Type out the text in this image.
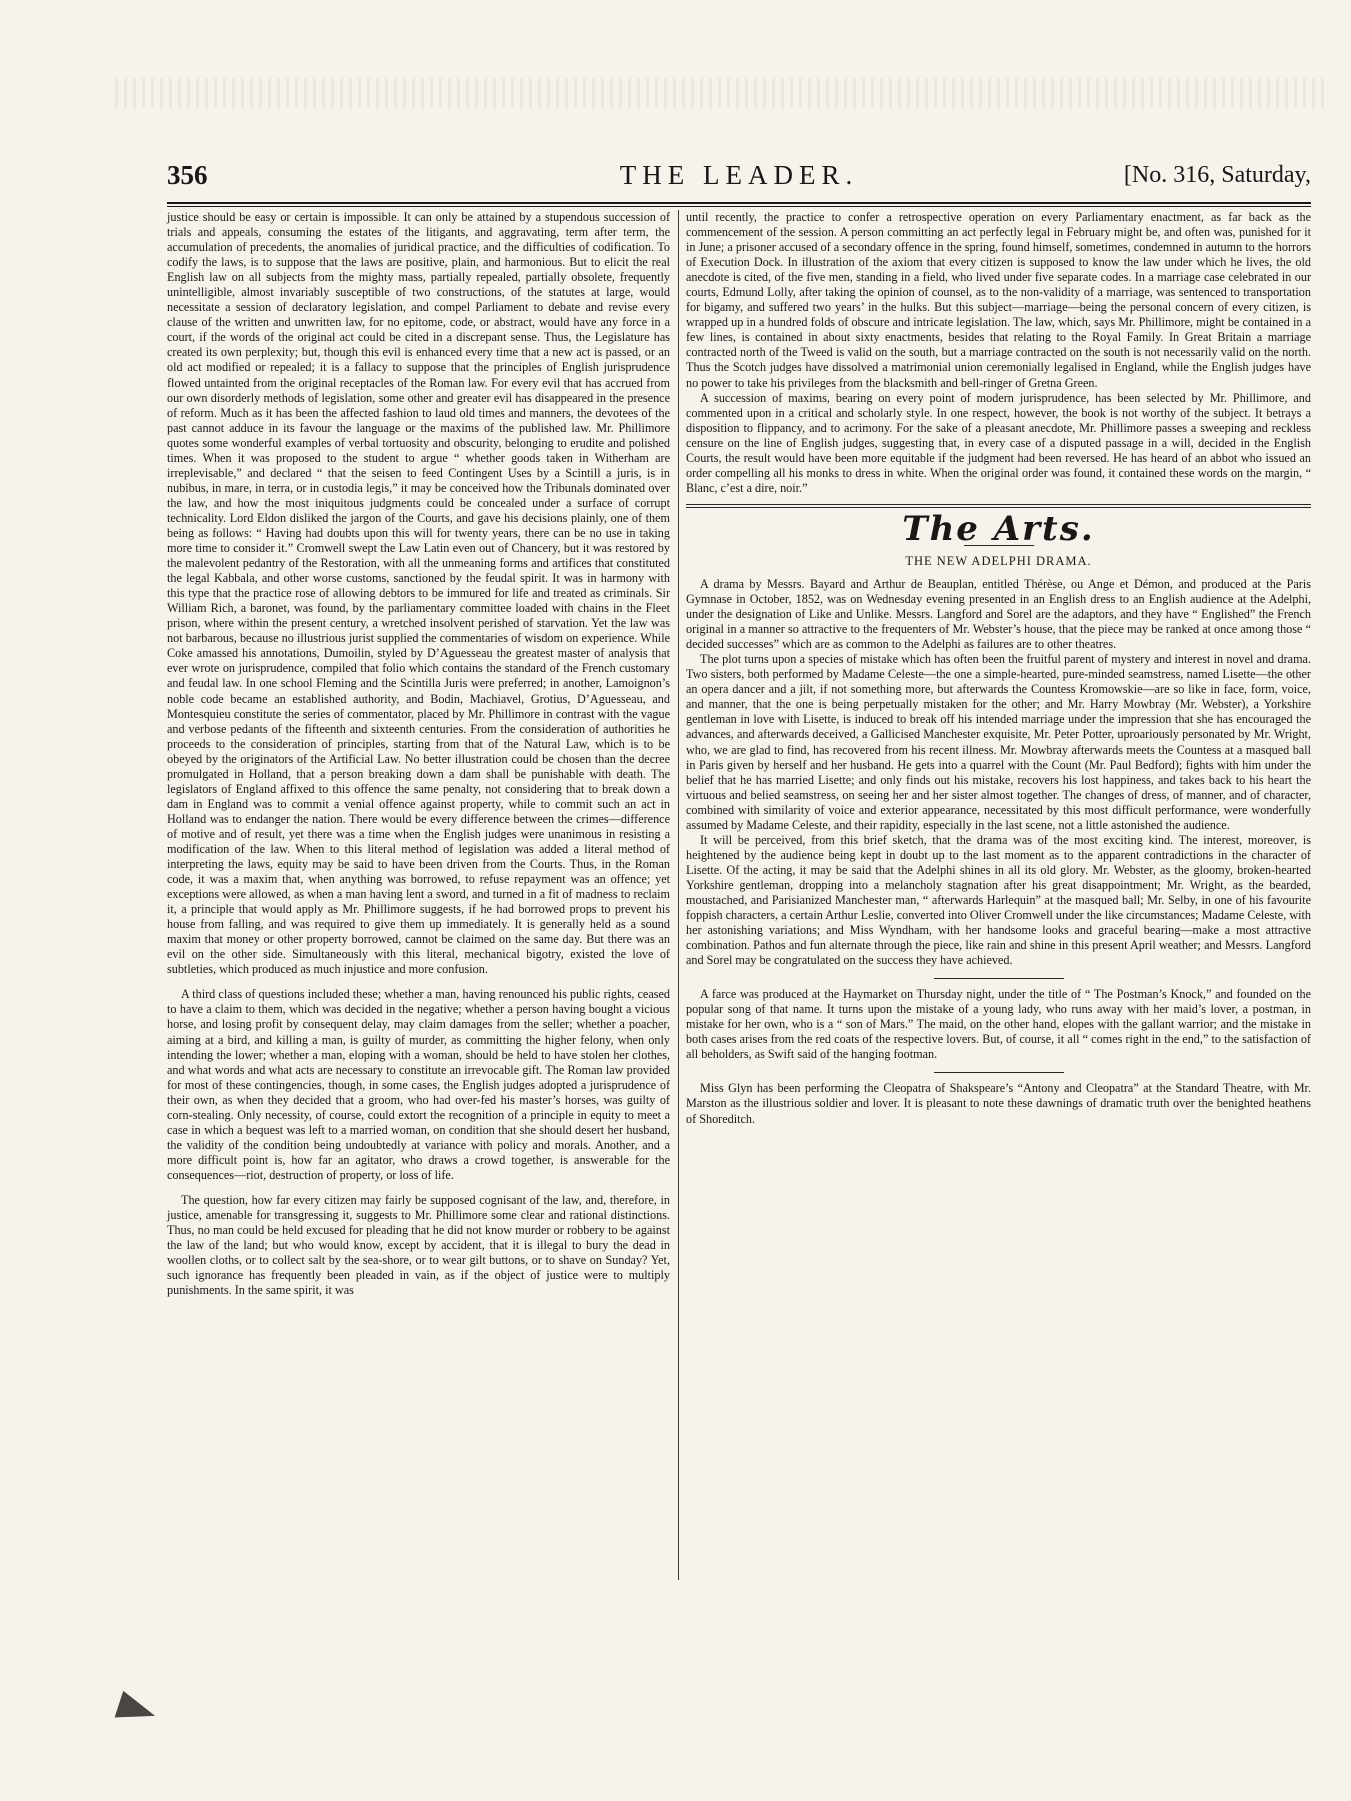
356	THE LEADER.	[No. 316, Saturday,

justice should be easy or certain is impossible. It can only be attained by a stupendous succession of trials and appeals, consuming the estates of the litigants, and aggravating, term after term, the accumulation of precedents, the anomalies of juridical practice, and the difficulties of codification. To codify the laws, is to suppose that the laws are positive, plain, and harmonious. But to elicit the real English law on all subjects from the mighty mass, partially repealed, partially obsolete, frequently unintelligible, almost invariably susceptible of two constructions, of the statutes at large, would necessitate a session of declaratory legislation, and compel Parliament to debate and revise every clause of the written and unwritten law, for no epitome, code, or abstract, would have any force in a court, if the words of the original act could be cited in a discrepant sense. Thus, the Legislature has created its own perplexity; but, though this evil is enhanced every time that a new act is passed, or an old act modified or repealed; it is a fallacy to suppose that the principles of English jurisprudence flowed untainted from the original receptacles of the Roman law. For every evil that has accrued from our own disorderly methods of legislation, some other and greater evil has disappeared in the presence of reform. Much as it has been the affected fashion to laud old times and manners, the devotees of the past cannot adduce in its favour the language or the maxims of the published law. Mr. Phillimore quotes some wonderful examples of verbal tortuosity and obscurity, belonging to erudite and polished times. When it was proposed to the student to argue “ whether goods taken in Witherham are irreplevisable,” and declared “ that the seisen to feed Contingent Uses by a Scintill a juris, is in nubibus, in mare, in terra, or in custodia legis,” it may be conceived how the Tribunals dominated over the law, and how the most iniquitous judgments could be concealed under a surface of corrupt technicality. Lord Eldon disliked the jargon of the Courts, and gave his decisions plainly, one of them being as follows: “ Having had doubts upon this will for twenty years, there can be no use in taking more time to consider it.” Cromwell swept the Law Latin even out of Chancery, but it was restored by the malevolent pedantry of the Restoration, with all the unmeaning forms and artifices that constituted the legal Kabbala, and other worse customs, sanctioned by the feudal spirit. It was in harmony with this type that the practice rose of allowing debtors to be immured for life and treated as criminals. Sir William Rich, a baronet, was found, by the parliamentary committee loaded with chains in the Fleet prison, where within the present century, a wretched insolvent perished of starvation. Yet the law was not barbarous, because no illustrious jurist supplied the commentaries of wisdom on experience. While Coke amassed his annotations, Dumoilin, styled by D’Aguesseau the greatest master of analysis that ever wrote on jurisprudence, compiled that folio which contains the standard of the French customary and feudal law. In one school Fleming and the Scintilla Juris were preferred; in another, Lamoignon’s noble code became an established authority, and Bodin, Machiavel, Grotius, D’Aguesseau, and Montesquieu constitute the series of commentator, placed by Mr. Phillimore in contrast with the vague and verbose pedants of the fifteenth and sixteenth centuries. From the consideration of authorities he proceeds to the consideration of principles, starting from that of the Natural Law, which is to be obeyed by the originators of the Artificial Law. No better illustration could be chosen than the decree promulgated in Holland, that a person breaking down a dam shall be punishable with death. The legislators of England affixed to this offence the same penalty, not considering that to break down a dam in England was to commit a venial offence against property, while to commit such an act in Holland was to endanger the nation. There would be every difference between the crimes—difference of motive and of result, yet there was a time when the English judges were unanimous in resisting a modification of the law. When to this literal method of legislation was added a literal method of interpreting the laws, equity may be said to have been driven from the Courts. Thus, in the Roman code, it was a maxim that, when anything was borrowed, to refuse repayment was an offence; yet exceptions were allowed, as when a man having lent a sword, and turned in a fit of madness to reclaim it, a principle that would apply as Mr. Phillimore suggests, if he had borrowed props to prevent his house from falling, and was required to give them up immediately. It is generally held as a sound maxim that money or other property borrowed, cannot be claimed on the same day. But there was an evil on the other side. Simultaneously with this literal, mechanical bigotry, existed the love of subtleties, which produced as much injustice and more confusion.

A third class of questions included these; whether a man, having renounced his public rights, ceased to have a claim to them, which was decided in the negative; whether a person having bought a vicious horse, and losing profit by consequent delay, may claim damages from the seller; whether a poacher, aiming at a bird, and killing a man, is guilty of murder, as committing the higher felony, when only intending the lower; whether a man, eloping with a woman, should be held to have stolen her clothes, and what words and what acts are necessary to constitute an irrevocable gift. The Roman law provided for most of these contingencies, though, in some cases, the English judges adopted a jurisprudence of their own, as when they decided that a groom, who had over-fed his master’s horses, was guilty of corn-stealing. Only necessity, of course, could extort the recognition of a principle in equity to meet a case in which a bequest was left to a married woman, on condition that she should desert her husband, the validity of the condition being undoubtedly at variance with policy and morals. Another, and a more difficult point is, how far an agitator, who draws a crowd together, is answerable for the consequences—riot, destruction of property, or loss of life.

The question, how far every citizen may fairly be supposed cognisant of the law, and, therefore, in justice, amenable for transgressing it, suggests to Mr. Phillimore some clear and rational distinctions. Thus, no man could be held excused for pleading that he did not know murder or robbery to be against the law of the land; but who would know, except by accident, that it is illegal to bury the dead in woollen cloths, or to collect salt by the sea-shore, or to wear gilt buttons, or to shave on Sunday? Yet, such ignorance has frequently been pleaded in vain, as if the object of justice were to multiply punishments. In the same spirit, it was

until recently, the practice to confer a retrospective operation on every Parliamentary enactment, as far back as the commencement of the session. A person committing an act perfectly legal in February might be, and often was, punished for it in June; a prisoner accused of a secondary offence in the spring, found himself, sometimes, condemned in autumn to the horrors of Execution Dock. In illustration of the axiom that every citizen is supposed to know the law under which he lives, the old anecdote is cited, of the five men, standing in a field, who lived under five separate codes. In a marriage case celebrated in our courts, Edmund Lolly, after taking the opinion of counsel, as to the non-validity of a marriage, was sentenced to transportation for bigamy, and suffered two years’ in the hulks. But this subject—marriage—being the personal concern of every citizen, is wrapped up in a hundred folds of obscure and intricate legislation. The law, which, says Mr. Phillimore, might be contained in a few lines, is contained in about sixty enactments, besides that relating to the Royal Family. In Great Britain a marriage contracted north of the Tweed is valid on the south, but a marriage contracted on the south is not necessarily valid on the north. Thus the Scotch judges have dissolved a matrimonial union ceremonially legalised in England, while the English judges have no power to take his privileges from the blacksmith and bell-ringer of Gretna Green.

A succession of maxims, bearing on every point of modern jurisprudence, has been selected by Mr. Phillimore, and commented upon in a critical and scholarly style. In one respect, however, the book is not worthy of the subject. It betrays a disposition to flippancy, and to acrimony. For the sake of a pleasant anecdote, Mr. Phillimore passes a sweeping and reckless censure on the line of English judges, suggesting that, in every case of a disputed passage in a will, decided in the English Courts, the result would have been more equitable if the judgment had been reversed. He has heard of an abbot who issued an order compelling all his monks to dress in white. When the original order was found, it contained these words on the margin, “ Blanc, c’est a dire, noir.”

The Arts.
THE NEW ADELPHI DRAMA.

A drama by Messrs. Bayard and Arthur de Beauplan, entitled Thérèse, ou Ange et Démon, and produced at the Paris Gymnase in October, 1852, was on Wednesday evening presented in an English dress to an English audience at the Adelphi, under the designation of Like and Unlike. Messrs. Langford and Sorel are the adaptors, and they have “ Englished” the French original in a manner so attractive to the frequenters of Mr. Webster’s house, that the piece may be ranked at once among those “ decided successes” which are as common to the Adelphi as failures are to other theatres.

The plot turns upon a species of mistake which has often been the fruitful parent of mystery and interest in novel and drama. Two sisters, both performed by Madame Celeste—the one a simple-hearted, pure-minded seamstress, named Lisette—the other an opera dancer and a jilt, if not something more, but afterwards the Countess Kromowskie—are so like in face, form, voice, and manner, that the one is being perpetually mistaken for the other; and Mr. Harry Mowbray (Mr. Webster), a Yorkshire gentleman in love with Lisette, is induced to break off his intended marriage under the impression that she has encouraged the advances, and afterwards deceived, a Gallicised Manchester exquisite, Mr. Peter Potter, uproariously personated by Mr. Wright, who, we are glad to find, has recovered from his recent illness. Mr. Mowbray afterwards meets the Countess at a masqued ball in Paris given by herself and her husband. He gets into a quarrel with the Count (Mr. Paul Bedford); fights with him under the belief that he has married Lisette; and only finds out his mistake, recovers his lost happiness, and takes back to his heart the virtuous and belied seamstress, on seeing her and her sister almost together. The changes of dress, of manner, and of character, combined with similarity of voice and exterior appearance, necessitated by this most difficult performance, were wonderfully assumed by Madame Celeste, and their rapidity, especially in the last scene, not a little astonished the audience.

It will be perceived, from this brief sketch, that the drama was of the most exciting kind. The interest, moreover, is heightened by the audience being kept in doubt up to the last moment as to the apparent contradictions in the character of Lisette. Of the acting, it may be said that the Adelphi shines in all its old glory. Mr. Webster, as the gloomy, broken-hearted Yorkshire gentleman, dropping into a melancholy stagnation after his great disappointment; Mr. Wright, as the bearded, moustached, and Parisianized Manchester man, “ afterwards Harlequin” at the masqued ball; Mr. Selby, in one of his favourite foppish characters, a certain Arthur Leslie, converted into Oliver Cromwell under the like circumstances; Madame Celeste, with her astonishing variations; and Miss Wyndham, with her handsome looks and graceful bearing—make a most attractive combination. Pathos and fun alternate through the piece, like rain and shine in this present April weather; and Messrs. Langford and Sorel may be congratulated on the success they have achieved.

A farce was produced at the Haymarket on Thursday night, under the title of “ The Postman’s Knock,” and founded on the popular song of that name. It turns upon the mistake of a young lady, who runs away with her maid’s lover, a postman, in mistake for her own, who is a “ son of Mars.” The maid, on the other hand, elopes with the gallant warrior; and the mistake in both cases arises from the red coats of the respective lovers. But, of course, it all “ comes right in the end,” to the satisfaction of all beholders, as Swift said of the hanging footman.

Miss Glyn has been performing the Cleopatra of Shakspeare’s “Antony and Cleopatra” at the Standard Theatre, with Mr. Marston as the illustrious soldier and lover. It is pleasant to note these dawnings of dramatic truth over the benighted heathens of Shoreditch.
